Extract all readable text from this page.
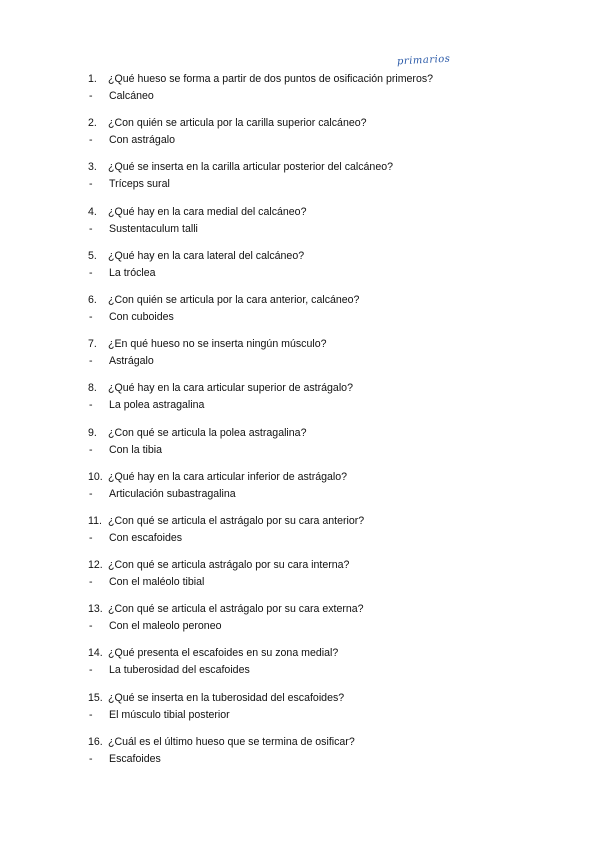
primarios
1.	¿Qué hueso se forma a partir de dos puntos de osificación primeros?
-	Calcáneo
2.	¿Con quién se articula por la carilla superior calcáneo?
-	Con astrágalo
3.	¿Qué se inserta en la carilla articular posterior del calcáneo?
-	Tríceps sural
4.	¿Qué hay en la cara medial del calcáneo?
-	Sustentaculum talli
5.	¿Qué hay en la cara lateral del calcáneo?
-	La tróclea
6.	¿Con quién se articula por la cara anterior, calcáneo?
-	Con cuboides
7.	¿En qué hueso no se inserta ningún músculo?
-	Astrágalo
8.	¿Qué hay en la cara articular superior de astrágalo?
-	La polea astragalina
9.	¿Con qué se articula la polea astragalina?
-	Con la tibia
10. ¿Qué hay en la cara articular inferior de astrágalo?
-	Articulación subastragalina
11. ¿Con qué se articula el astrágalo por su cara anterior?
-	Con escafoides
12. ¿Con qué se articula astrágalo por su cara interna?
-	Con el maléolo tibial
13. ¿Con qué se articula el astrágalo por su cara externa?
-	Con el maleolo peroneo
14. ¿Qué presenta el escafoides en su zona medial?
-	La tuberosidad del escafoides
15. ¿Qué se inserta en la tuberosidad del escafoides?
-	El músculo tibial posterior
16. ¿Cuál es el último hueso que se termina de osificar?
-	Escafoides
